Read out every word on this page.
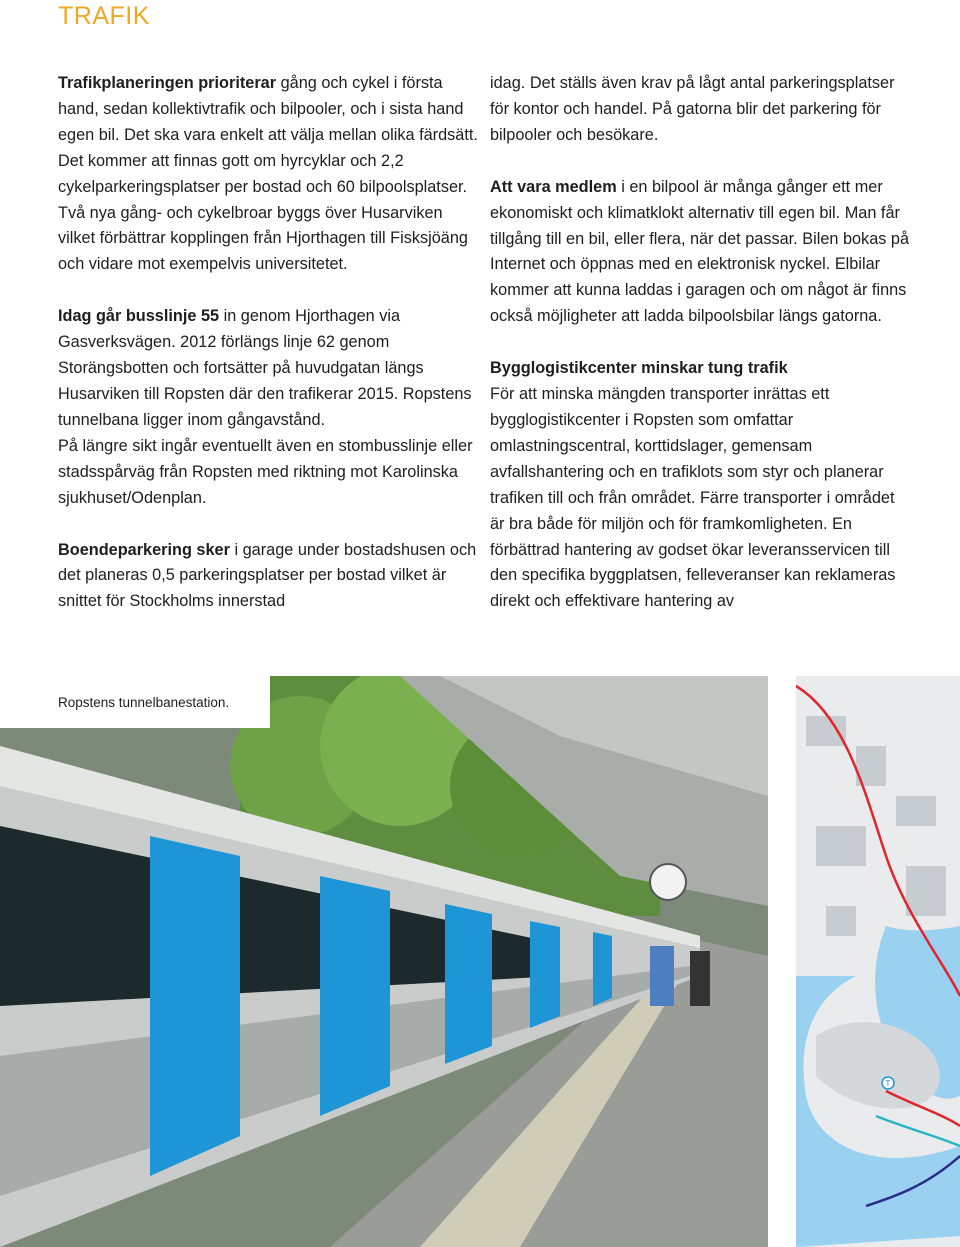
TRAFIK

Trafikplaneringen prioriterar gång och cykel i första hand, sedan kollektivtrafik och bilpooler, och i sista hand egen bil. Det ska vara enkelt att välja mellan olika färdsätt. Det kommer att finnas gott om hyrcyklar och 2,2 cykelparkeringsplatser per bostad och 60 bilpoolsplatser. Två nya gång- och cykelbroar byggs över Husarviken vilket förbättrar kopplingen från Hjorthagen till Fisksjöäng och vidare mot exempelvis universitetet.

Idag går busslinje 55 in genom Hjorthagen via Gasverksvägen. 2012 förlängs linje 62 genom Storängsbotten och fortsätter på huvudgatan längs Husarviken till Ropsten där den trafikerar 2015. Ropstens tunnelbana ligger inom gångavstånd.

På längre sikt ingår eventuellt även en stombusslinje eller stadsspårväg från Ropsten med riktning mot Karolinska sjukhuset/Odenplan.

Boendeparkering sker i garage under bostadshusen och det planeras 0,5 parkeringsplatser per bostad vilket är snittet för Stockholms innerstad

idag. Det ställs även krav på lågt antal parkeringsplatser för kontor och handel. På gatorna blir det parkering för bilpooler och besökare.

Att vara medlem i en bilpool är många gånger ett mer ekonomiskt och klimatklokt alternativ till egen bil. Man får tillgång till en bil, eller flera, när det passar. Bilen bokas på Internet och öppnas med en elektronisk nyckel. Elbilar kommer att kunna laddas i garagen och om något är finns också möjligheter att ladda bilpoolsbilar längs gatorna.

Bygglogistikcenter minskar tung trafik

För att minska mängden transporter inrättas ett bygglogistikcenter i Ropsten som omfattar omlastningscentral, korttidslager, gemensam avfallshantering och en trafiklots som styr och planerar trafiken till och från området. Färre transporter i området är bra både för miljön och för framkomligheten. En förbättrad hantering av godset ökar leveransservicen till den specifika byggplatsen, felleveranser kan reklameras direkt och effektivare hantering av

Ropstens tunnelbanestation.
T
